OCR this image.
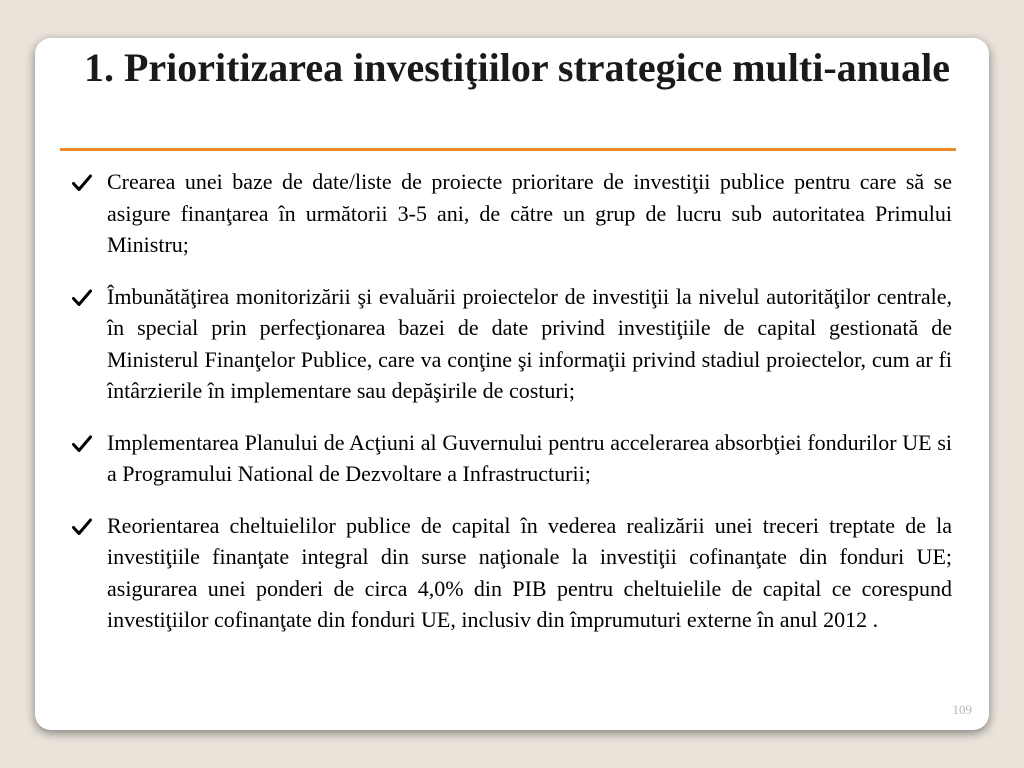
1. Prioritizarea investiţiilor strategice multi-anuale
Crearea unei baze de date/liste de proiecte prioritare de investiţii publice pentru care să se asigure finanţarea în următorii 3-5 ani, de către un grup de lucru sub autoritatea Primului Ministru;
Îmbunătăţirea monitorizării şi evaluării proiectelor de investiţii la nivelul autorităţilor centrale, în special prin perfecţionarea bazei de date privind investiţiile de capital gestionată de Ministerul Finanţelor Publice, care va conţine şi informaţii privind stadiul proiectelor, cum ar fi întârzierile în implementare sau depăşirile de costuri;
Implementarea Planului de Acţiuni al Guvernului pentru accelerarea absorbţiei fondurilor UE si a Programului National de Dezvoltare a Infrastructurii;
Reorientarea cheltuielilor publice de capital în vederea realizării unei treceri treptate de la investiţiile finanţate integral din surse naţionale la investiţii cofinanţate din fonduri UE; asigurarea unei ponderi de circa 4,0% din PIB pentru cheltuielile de capital ce corespund investiţiilor cofinanţate din fonduri UE, inclusiv din împrumuturi externe în anul 2012 .
109
